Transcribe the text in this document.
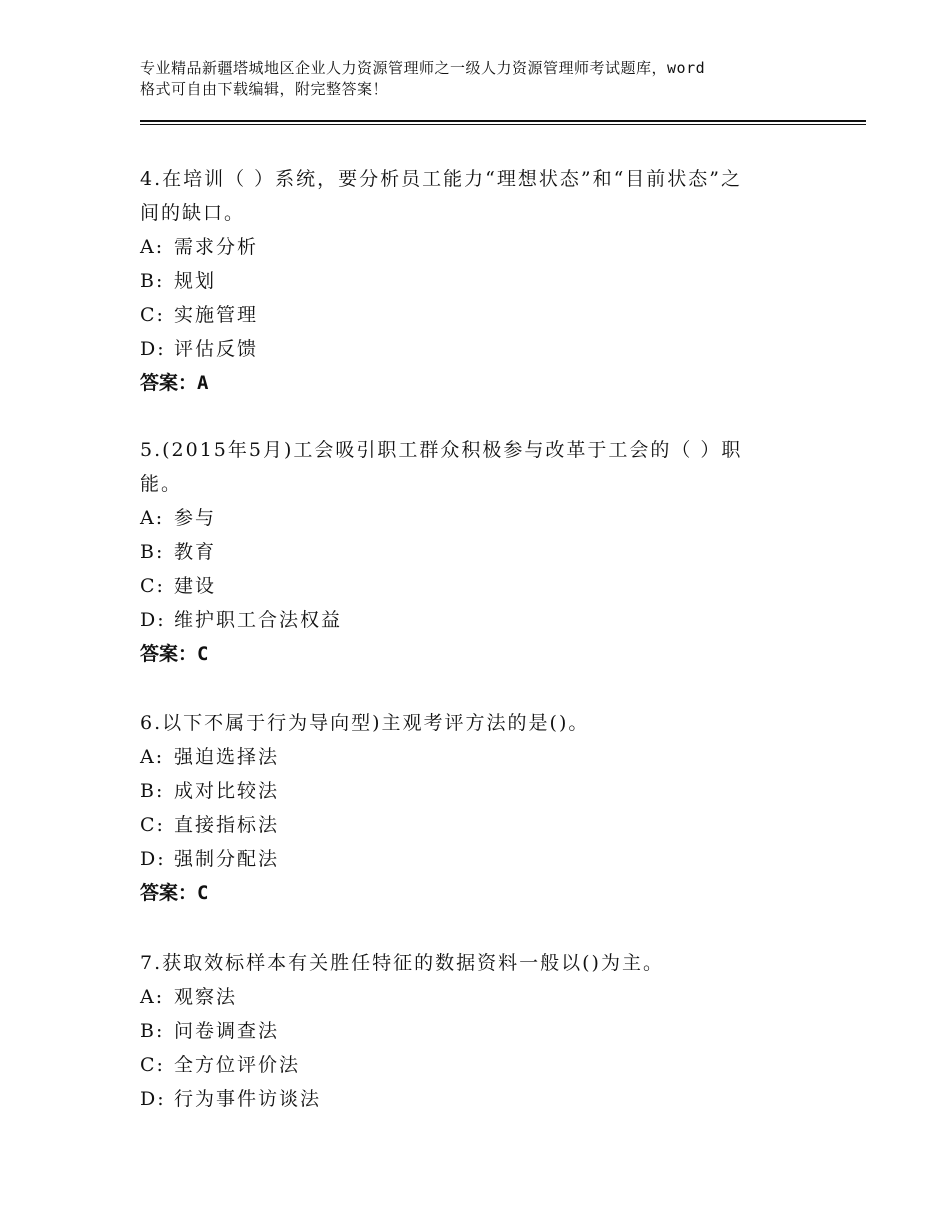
专业精品新疆塔城地区企业人力资源管理师之一级人力资源管理师考试题库，word
格式可自由下载编辑，附完整答案！
4.在培训（ ）系统，要分析员工能力“理想状态”和“目前状态”之
间的缺口。
A: 需求分析
B: 规划
C: 实施管理
D: 评估反馈
答案：A
5.(2015年5月)工会吸引职工群众积极参与改革于工会的（ ）职
能。
A: 参与
B: 教育
C: 建设
D: 维护职工合法权益
答案：C
6.以下不属于行为导向型)主观考评方法的是()。
A: 强迫选择法
B: 成对比较法
C: 直接指标法
D: 强制分配法
答案：C
7.获取效标样本有关胜任特征的数据资料一般以()为主。
A: 观察法
B: 问卷调查法
C: 全方位评价法
D: 行为事件访谈法
